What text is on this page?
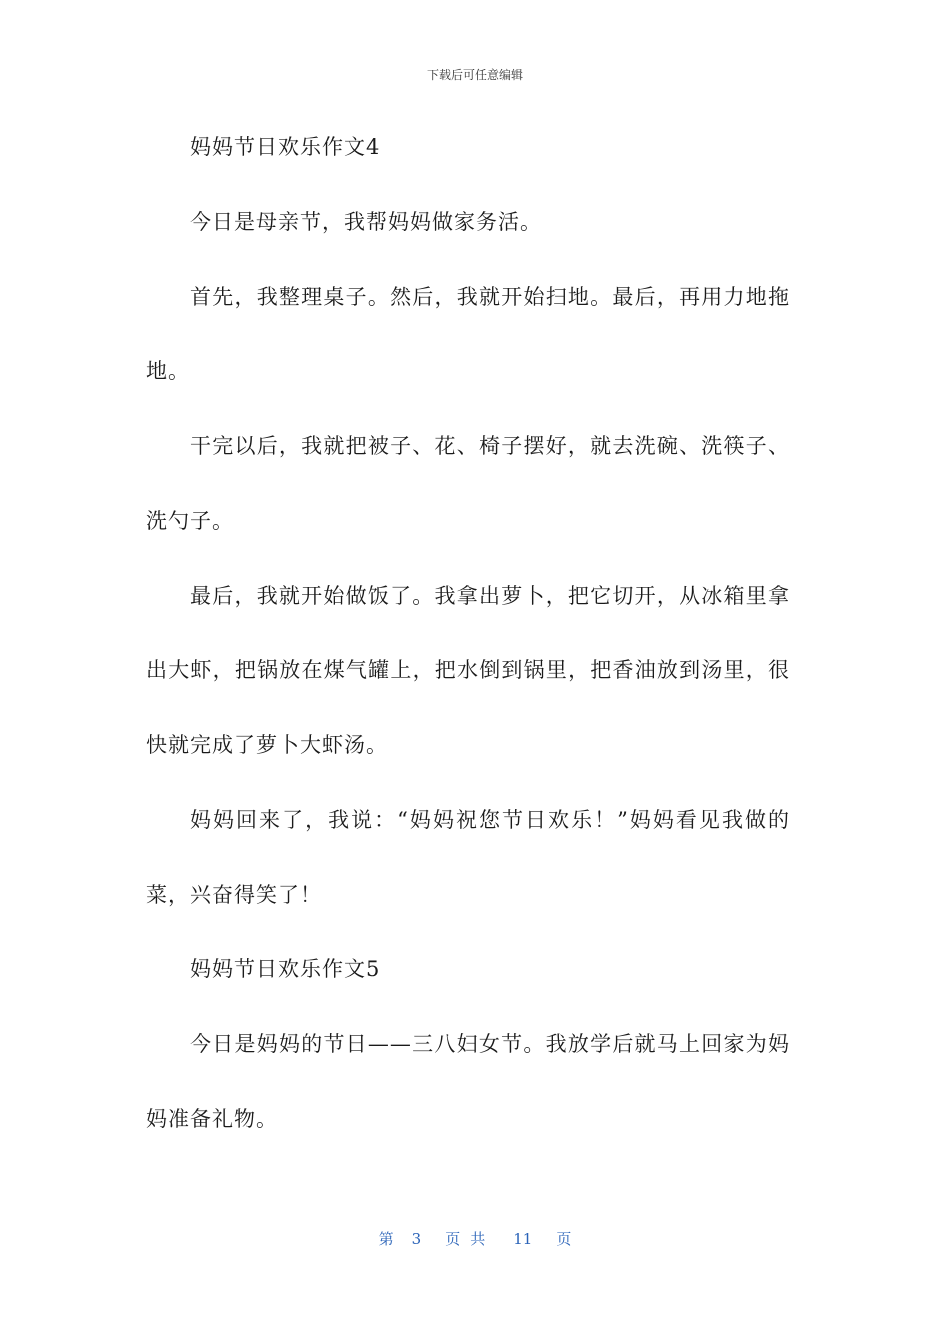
下载后可任意编辑
妈妈节日欢乐作文4
今日是母亲节，我帮妈妈做家务活。
首先，我整理桌子。然后，我就开始扫地。最后，再用力地拖
地。
干完以后，我就把被子、花、椅子摆好，就去洗碗、洗筷子、
洗勺子。
最后，我就开始做饭了。我拿出萝卜，把它切开，从冰箱里拿
出大虾，把锅放在煤气罐上，把水倒到锅里，把香油放到汤里，很
快就完成了萝卜大虾汤。
妈妈回来了，我说：“妈妈祝您节日欢乐！”妈妈看见我做的
菜，兴奋得笑了！
妈妈节日欢乐作文5
今日是妈妈的节日——三八妇女节。我放学后就马上回家为妈
妈准备礼物。
第 3 页共 11 页
